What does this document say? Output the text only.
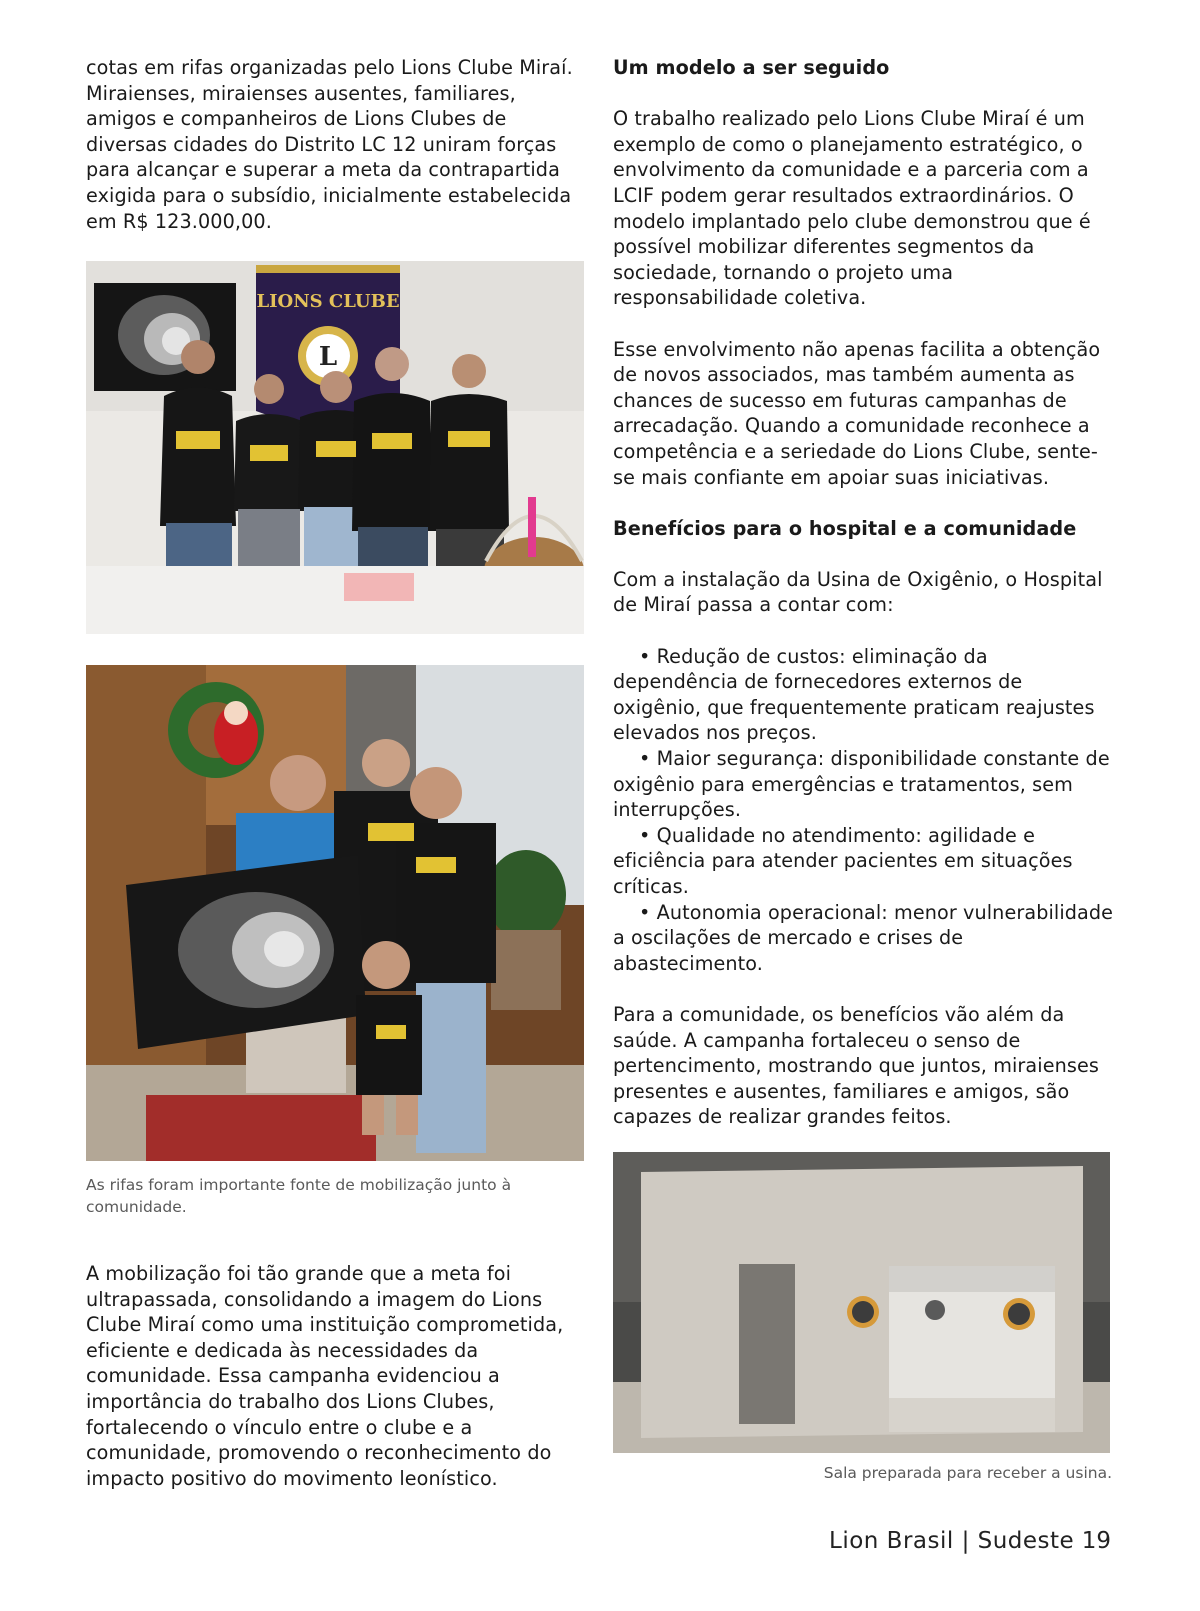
cotas em rifas organizadas pelo Lions Clube Miraí. Miraienses, miraienses ausentes, familiares, amigos e companheiros de Lions Clubes de diversas cidades do Distrito LC 12 uniram forças para alcançar e superar a meta da contrapartida exigida para o subsídio, inicialmente estabelecida em R$ 123.000,00.

LIONS CLUBE
L

As rifas foram importante fonte de mobilização junto à comunidade.

A mobilização foi tão grande que a meta foi ultrapassada, consolidando a imagem do Lions Clube Miraí como uma instituição comprometida, eficiente e dedicada às necessidades da comunidade. Essa campanha evidenciou a importância do trabalho dos Lions Clubes, fortalecendo o vínculo entre o clube e a comunidade, promovendo o reconhecimento do impacto positivo do movimento leonístico.

Um modelo a ser seguido

O trabalho realizado pelo Lions Clube Miraí é um exemplo de como o planejamento estratégico, o envolvimento da comunidade e a parceria com a LCIF podem gerar resultados extraordinários. O modelo implantado pelo clube demonstrou que é possível mobilizar diferentes segmentos da sociedade, tornando o projeto uma responsabilidade coletiva.

Esse envolvimento não apenas facilita a obtenção de novos associados, mas também aumenta as chances de sucesso em futuras campanhas de arrecadação. Quando a comunidade reconhece a competência e a seriedade do Lions Clube, sente-se mais confiante em apoiar suas iniciativas.

Benefícios para o hospital e a comunidade

Com a instalação da Usina de Oxigênio, o Hospital de Miraí passa a contar com:

• Redução de custos: eliminação da dependência de fornecedores externos de oxigênio, que frequentemente praticam reajustes elevados nos preços.
• Maior segurança: disponibilidade constante de oxigênio para emergências e tratamentos, sem interrupções.
• Qualidade no atendimento: agilidade e eficiência para atender pacientes em situações críticas.
• Autonomia operacional: menor vulnerabilidade a oscilações de mercado e crises de abastecimento.

Para a comunidade, os benefícios vão além da saúde. A campanha fortaleceu o senso de pertencimento, mostrando que juntos, miraienses presentes e ausentes, familiares e amigos, são capazes de realizar grandes feitos.

Sala preparada para receber a usina.

Lion Brasil | Sudeste 19
